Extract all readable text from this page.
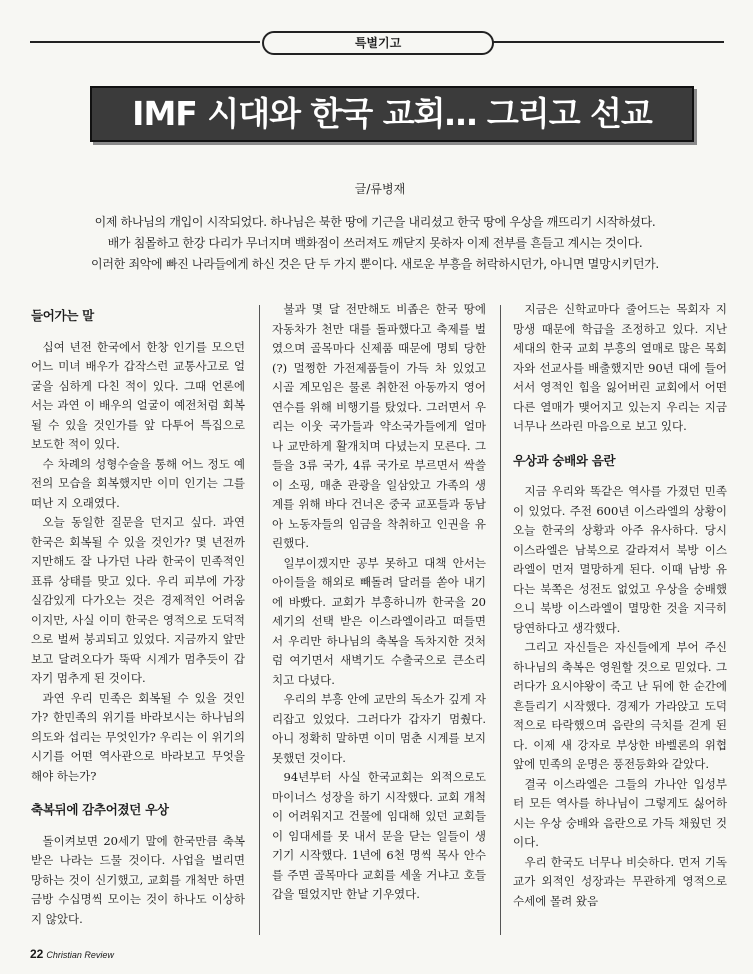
특별기고
IMF 시대와 한국 교회… 그리고 선교
글/류병재

이제 하나님의 개입이 시작되었다. 하나님은 북한 땅에 기근을 내리셨고 한국 땅에 우상을 깨뜨리기 시작하셨다.

배가 침몰하고 한강 다리가 무너지며 백화점이 쓰러져도 깨닫지 못하자 이제 전부를 흔들고 계시는 것이다.

이러한 죄악에 빠진 나라들에게 하신 것은 단 두 가지 뿐이다. 새로운 부흥을 허락하시던가, 아니면 멸망시키던가.

들어가는 말

십여 년전 한국에서 한창 인기를 모으던 어느 미녀 배우가 갑작스런 교통사고로 얼굴을 심하게 다친 적이 있다. 그때 언론에서는 과연 이 배우의 얼굴이 예전처럼 회복될 수 있을 것인가를 앞 다투어 특집으로 보도한 적이 있다.

수 차례의 성형수술을 통해 어느 정도 예전의 모습을 회복했지만 이미 인기는 그를 떠난 지 오래였다.

오늘 동일한 질문을 던지고 싶다. 과연 한국은 회복될 수 있을 것인가? 몇 년전까지만해도 잘 나가던 나라 한국이 민족적인 표류 상태를 맞고 있다. 우리 피부에 가장 실감있게 다가오는 것은 경제적인 어려움이지만, 사실 이미 한국은 영적으로 도덕적으로 벌써 붕괴되고 있었다. 지금까지 앞만 보고 달려오다가 뚝딱 시계가 멈추듯이 갑자기 멈추게 된 것이다.

과연 우리 민족은 회복될 수 있을 것인가? 한민족의 위기를 바라보시는 하나님의 의도와 섭리는 무엇인가? 우리는 이 위기의 시기를 어떤 역사관으로 바라보고 무엇을 해야 하는가?

축복뒤에 감추어졌던 우상

돌이켜보면 20세기 말에 한국만큼 축복 받은 나라는 드물 것이다. 사업을 벌리면 망하는 것이 신기했고, 교회를 개척만 하면 금방 수십명씩 모이는 것이 하나도 이상하지 않았다.

불과 몇 달 전만해도 비좁은 한국 땅에 자동차가 천만 대를 돌파했다고 축제를 벌였으며 골목마다 신제품 때문에 명퇴 당한(?) 멀쩡한 가전제품들이 가득 차 있었고 시골 계모임은 물론 취한전 아동까지 영어 연수를 위해 비행기를 탔었다. 그러면서 우리는 이웃 국가들과 약소국가들에게 얼마나 교만하게 활개치며 다녔는지 모른다. 그들을 3류 국가, 4류 국가로 부르면서 싹쓸이 소핑, 매춘 관광을 일삼았고 가족의 생계를 위해 바다 건너온 중국 교포들과 동남아 노동자들의 임금을 착취하고 인권을 유린했다.

일부이겠지만 공부 못하고 대책 안서는 아이들을 해외로 빼돌려 달러를 쏟아 내기에 바빴다. 교회가 부흥하니까 한국을 20세기의 선택 받은 이스라엘이라고 떠들면서 우리만 하나님의 축복을 독차지한 것처럼 여기면서 새벽기도 수출국으로 큰소리치고 다녔다.

우리의 부흥 안에 교만의 독소가 깊게 자리잡고 있었다. 그러다가 갑자기 멈췄다. 아니 정확히 말하면 이미 멈춘 시계를 보지 못했던 것이다.

94년부터 사실 한국교회는 외적으로도 마이너스 성장을 하기 시작했다. 교회 개척이 어려워지고 건물에 임대해 있던 교회들이 임대세를 못 내서 문을 닫는 일들이 생기기 시작했다. 1년에 6천 명씩 목사 안수를 주면 골목마다 교회를 세울 거냐고 호들갑을 떨었지만 한낱 기우였다.

지금은 신학교마다 줄어드는 목회자 지망생 때문에 학급을 조정하고 있다. 지난 세대의 한국 교회 부흥의 열매로 많은 목회자와 선교사를 배출했지만 90년 대에 들어서서 영적인 힘을 잃어버린 교회에서 어떤 다른 열매가 맺어지고 있는지 우리는 지금 너무나 쓰라린 마음으로 보고 있다.

우상과 숭배와 음란

지금 우리와 똑같은 역사를 가졌던 민족이 있었다. 주전 600년 이스라엘의 상황이 오늘 한국의 상황과 아주 유사하다. 당시 이스라엘은 남북으로 갈라져서 북방 이스라엘이 먼저 멸망하게 된다. 이때 남방 유다는 북쪽은 성전도 없었고 우상을 숭배했으니 북방 이스라엘이 멸망한 것을 지극히 당연하다고 생각했다.

그리고 자신들은 자신들에게 부어 주신 하나님의 축복은 영원할 것으로 믿었다. 그러다가 요시야왕이 죽고 난 뒤에 한 순간에 흔들리기 시작했다. 경제가 가라앉고 도덕적으로 타락했으며 음란의 극치를 걷게 된다. 이제 새 강자로 부상한 바벨론의 위협 앞에 민족의 운명은 풍전등화와 같았다.

결국 이스라엘은 그들의 가나안 입성부터 모든 역사를 하나님이 그렇게도 싫어하시는 우상 숭배와 음란으로 가득 채웠던 것이다.

우리 한국도 너무나 비슷하다. 먼저 기독교가 외적인 성장과는 무관하게 영적으로 수세에 몰려 왔음

22 Christian Review
